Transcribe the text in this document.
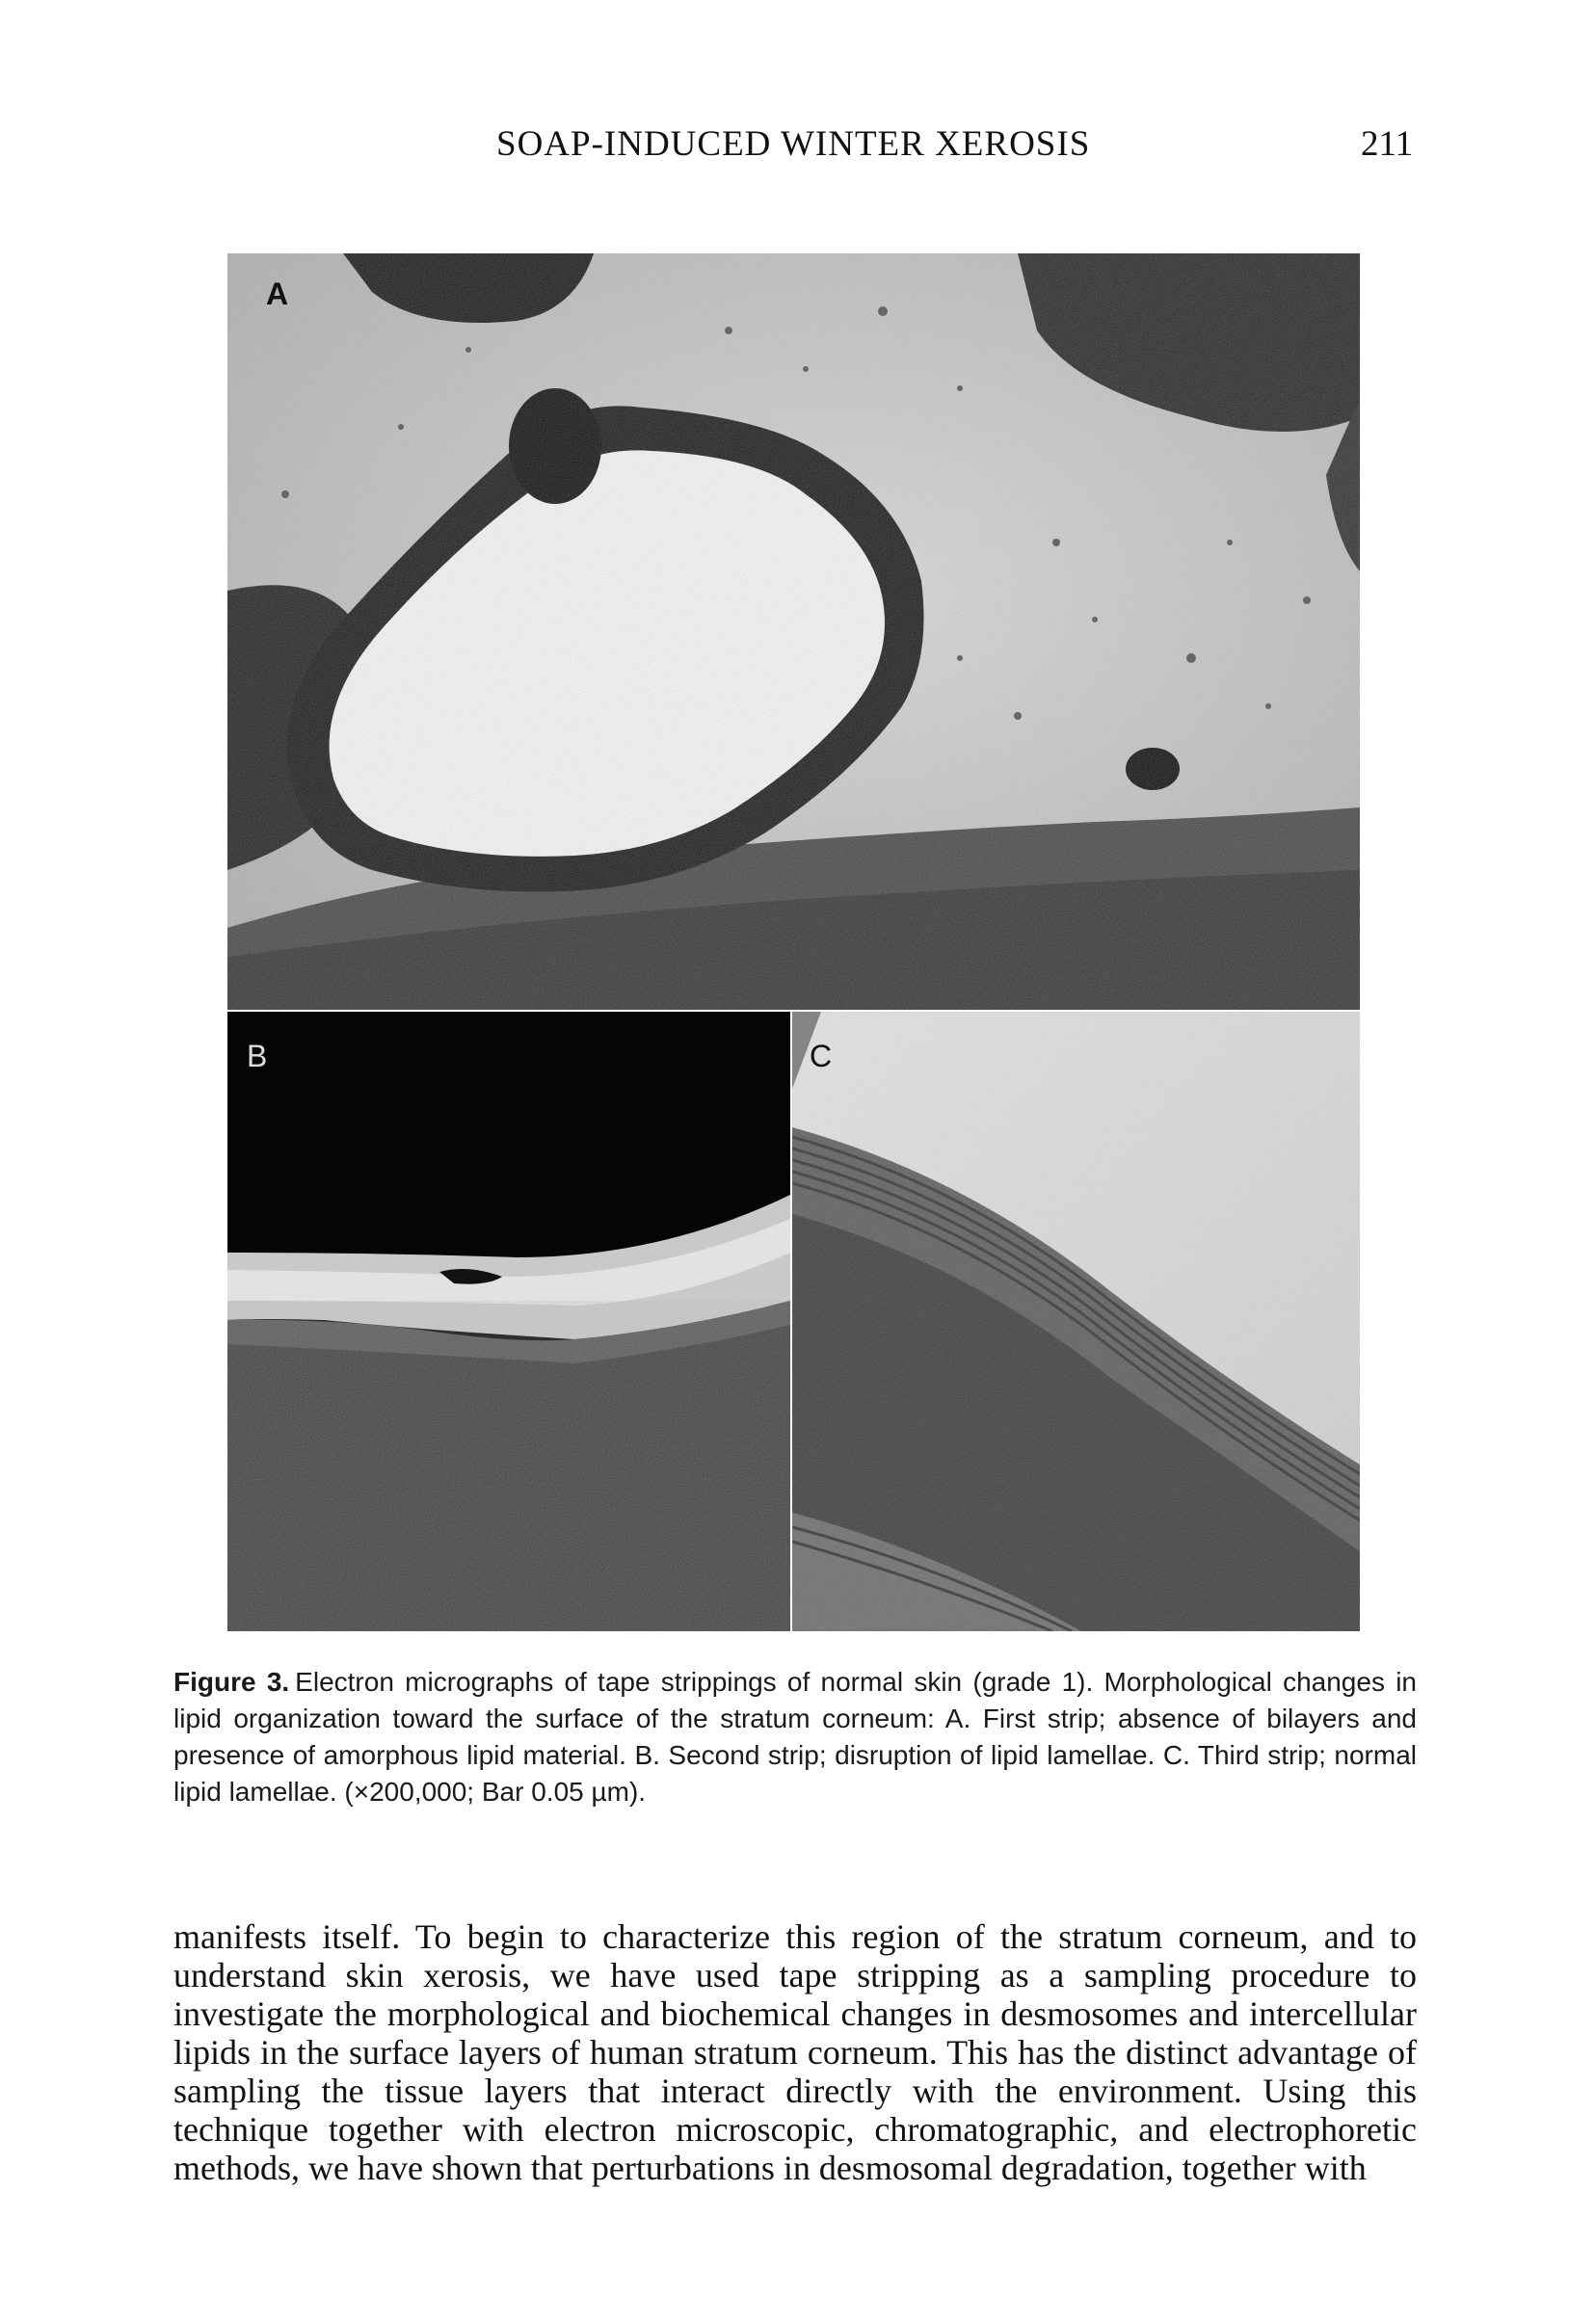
SOAP-INDUCED WINTER XEROSIS	211
A
B	C
Figure 3. Electron micrographs of tape strippings of normal skin (grade 1). Morphological changes in lipid organization toward the surface of the stratum corneum: A. First strip; absence of bilayers and presence of amorphous lipid material. B. Second strip; disruption of lipid lamellae. C. Third strip; normal lipid lamellae. (×200,000; Bar 0.05 µm).
manifests itself. To begin to characterize this region of the stratum corneum, and to understand skin xerosis, we have used tape stripping as a sampling procedure to investigate the morphological and biochemical changes in desmosomes and intercellular lipids in the surface layers of human stratum corneum. This has the distinct advantage of sampling the tissue layers that interact directly with the environment. Using this technique together with electron microscopic, chromatographic, and electrophoretic methods, we have shown that perturbations in desmosomal degradation, together with
